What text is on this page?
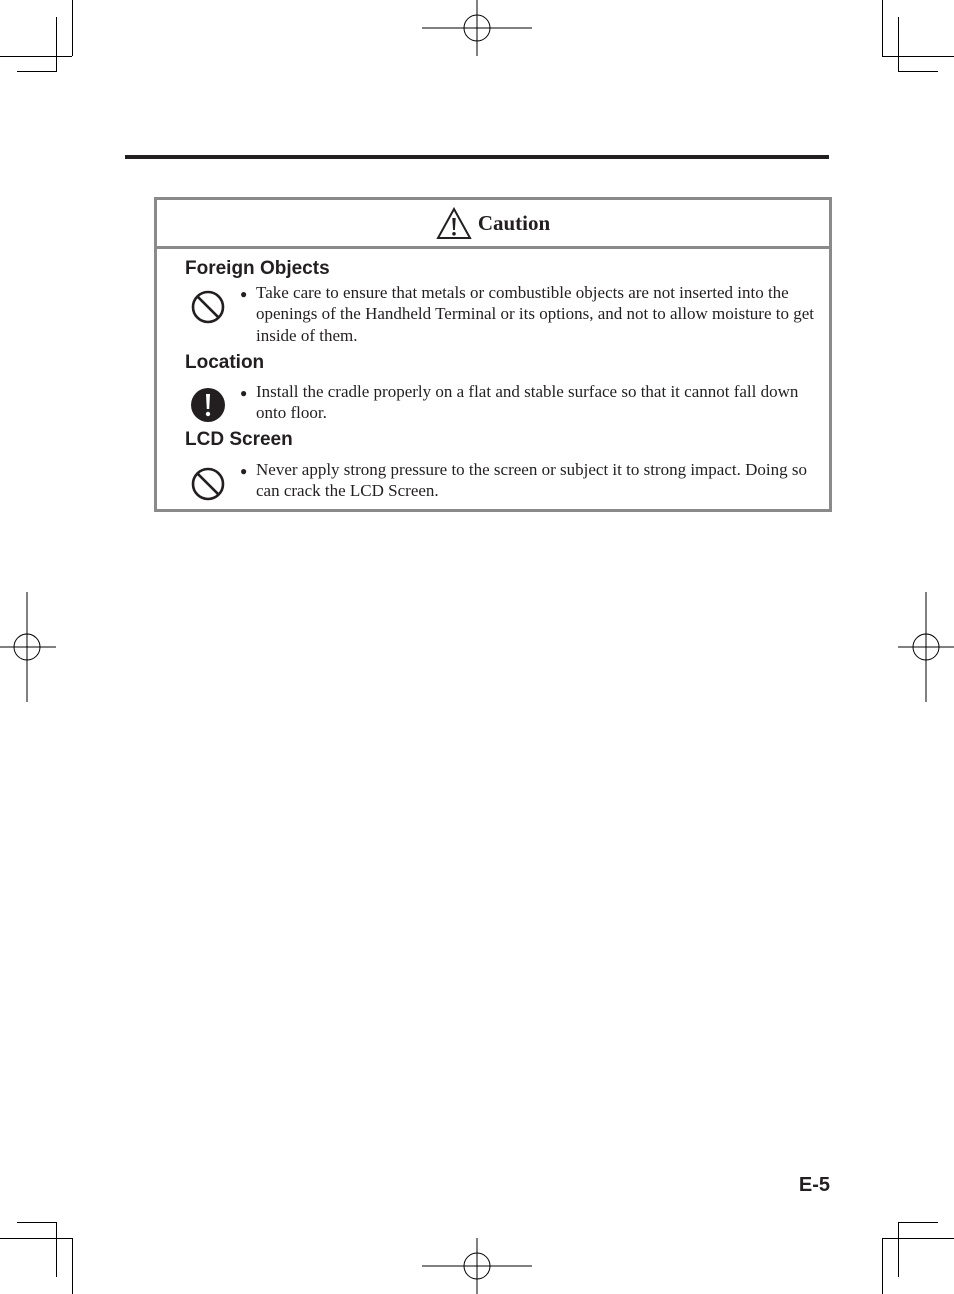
Caution
Foreign Objects
● Take care to ensure that metals or combustible objects are not inserted into the openings of the Handheld Terminal or its options, and not to allow moisture to get inside of them.
Location
● Install the cradle properly on a flat and stable surface so that it cannot fall down onto floor.
LCD Screen
● Never apply strong pressure to the screen or subject it to strong impact. Doing so can crack the LCD Screen.
E-5
